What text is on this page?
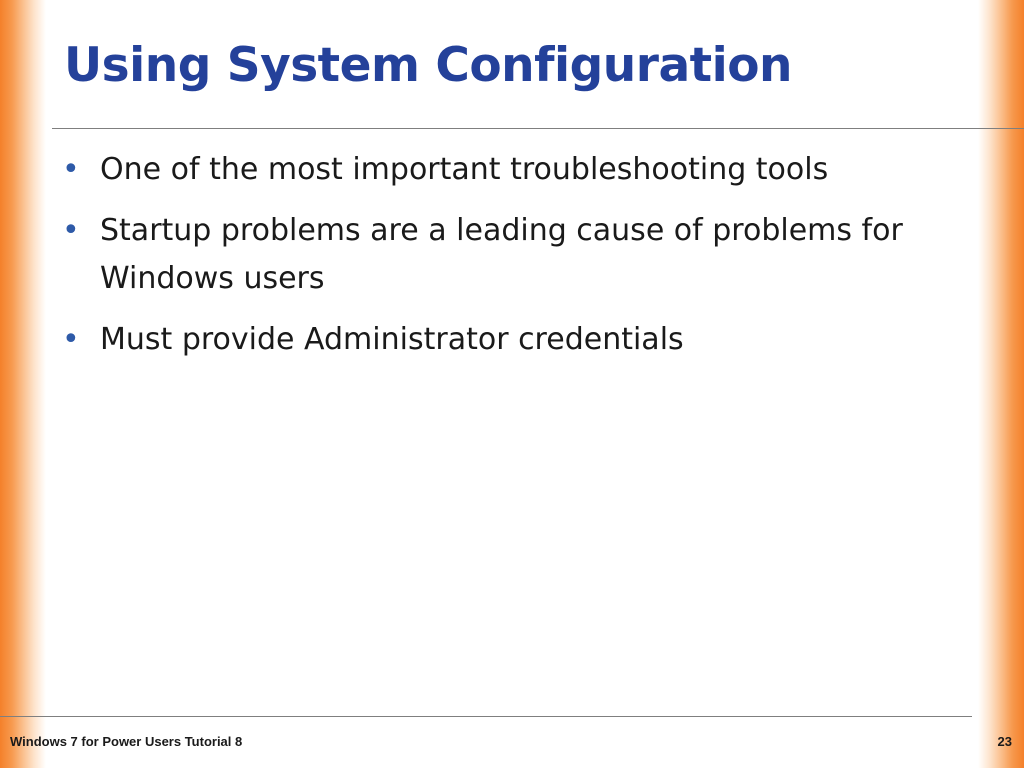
Using System Configuration
• One of the most important troubleshooting tools
• Startup problems are a leading cause of problems for Windows users
• Must provide Administrator credentials
Windows 7 for Power Users Tutorial 8	23
